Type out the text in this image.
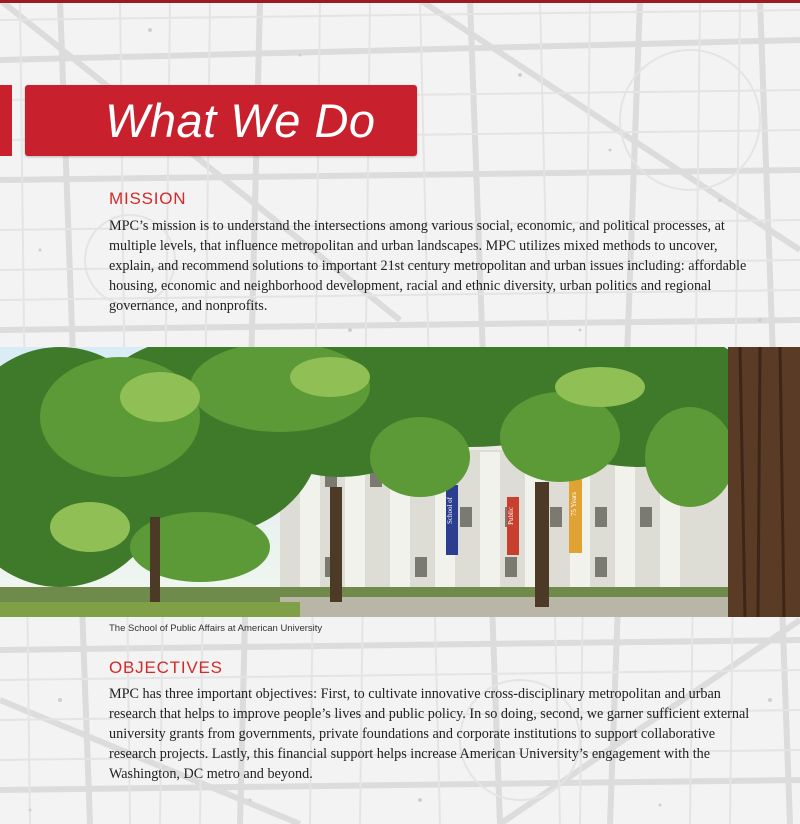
What We Do
MISSION
MPC’s mission is to understand the intersections among various social, economic, and political processes, at multiple levels, that influence metropolitan and urban landscapes. MPC utilizes mixed methods to uncover, explain, and recommend solutions to important 21st century metropolitan and urban issues including: affordable housing, economic and neighborhood development, racial and ethnic diversity, urban politics and regional governance, and nonprofits.
The School of Public Affairs at American University
OBJECTIVES
MPC has three important objectives: First, to cultivate innovative cross-disciplinary metropolitan and urban research that helps to improve people’s lives and public policy. In so doing, second, we garner sufficient external university grants from governments, private foundations and corporate institutions to support collaborative research projects. Lastly, this financial support helps increase American University’s engagement with the Washington, DC metro and beyond.
School of	Public	75 Years
